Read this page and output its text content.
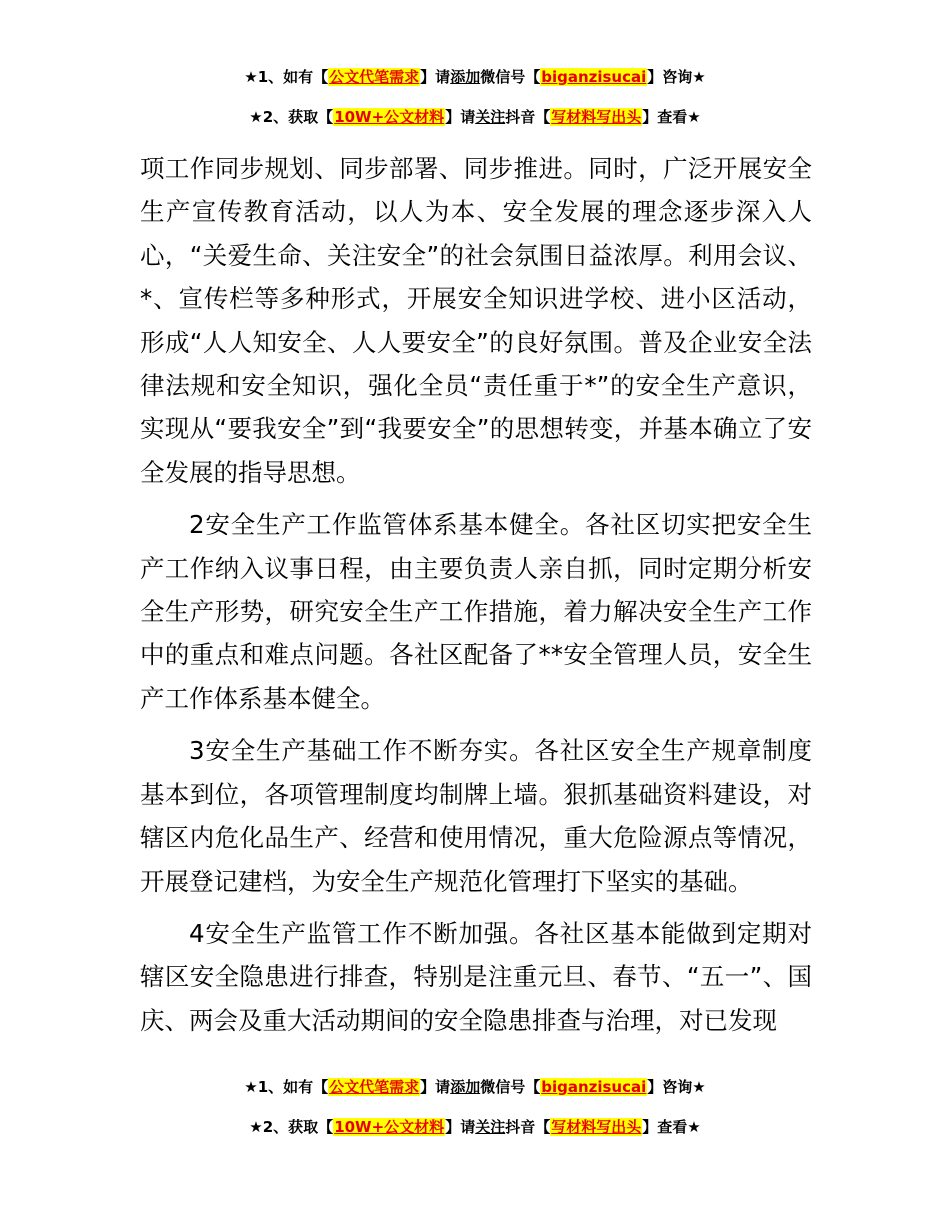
★1、如有【公文代笔需求】请添加微信号【biganzisucai】咨询★
★2、获取【10W+公文材料】请关注抖音【写材料写出头】查看★

项工作同步规划、同步部署、同步推进。同时，广泛开展安全生产宣传教育活动，以人为本、安全发展的理念逐步深入人心，“关爱生命、关注安全”的社会氛围日益浓厚。利用会议、*、宣传栏等多种形式，开展安全知识进学校、进小区活动，形成“人人知安全、人人要安全”的良好氛围。普及企业安全法律法规和安全知识，强化全员“责任重于*”的安全生产意识，实现从“要我安全”到“我要安全”的思想转变，并基本确立了安全发展的指导思想。

2安全生产工作监管体系基本健全。各社区切实把安全生产工作纳入议事日程，由主要负责人亲自抓，同时定期分析安全生产形势，研究安全生产工作措施，着力解决安全生产工作中的重点和难点问题。各社区配备了**安全管理人员，安全生产工作体系基本健全。

3安全生产基础工作不断夯实。各社区安全生产规章制度基本到位，各项管理制度均制牌上墙。狠抓基础资料建设，对辖区内危化品生产、经营和使用情况，重大危险源点等情况，开展登记建档，为安全生产规范化管理打下坚实的基础。

4安全生产监管工作不断加强。各社区基本能做到定期对辖区安全隐患进行排查，特别是注重元旦、春节、“五一”、国庆、两会及重大活动期间的安全隐患排查与治理，对已发现

★1、如有【公文代笔需求】请添加微信号【biganzisucai】咨询★
★2、获取【10W+公文材料】请关注抖音【写材料写出头】查看★
